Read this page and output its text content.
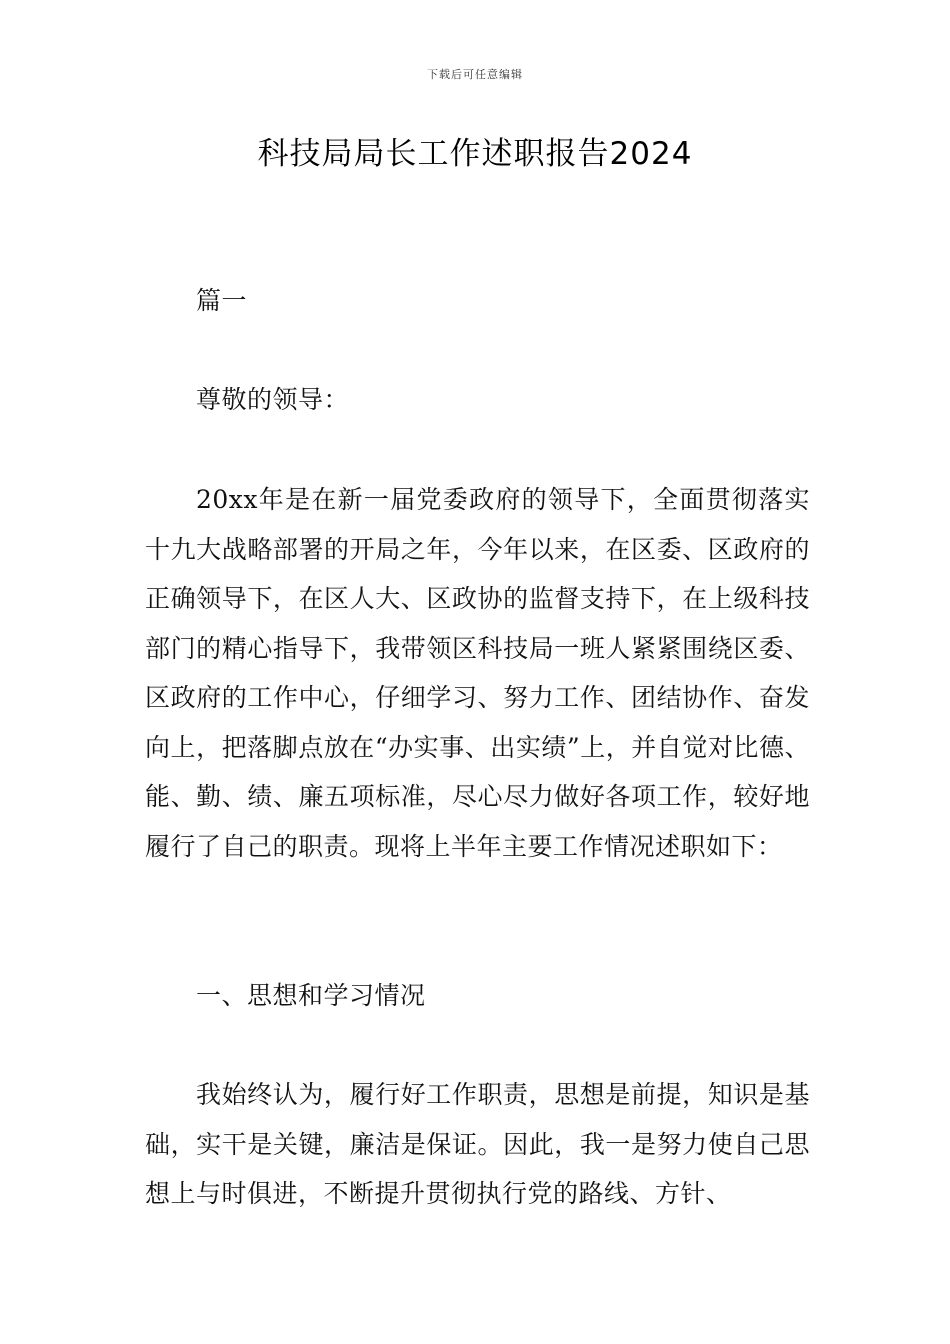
下载后可任意编辑
科技局局长工作述职报告2024

篇一

尊敬的领导：

20xx年是在新一届党委政府的领导下，全面贯彻落实十九大战略部署的开局之年，今年以来，在区委、区政府的正确领导下，在区人大、区政协的监督支持下，在上级科技部门的精心指导下，我带领区科技局一班人紧紧围绕区委、区政府的工作中心，仔细学习、努力工作、团结协作、奋发向上，把落脚点放在“办实事、出实绩”上，并自觉对比德、能、勤、绩、廉五项标准，尽心尽力做好各项工作，较好地履行了自己的职责。现将上半年主要工作情况述职如下：

一、思想和学习情况

我始终认为，履行好工作职责，思想是前提，知识是基础，实干是关键，廉洁是保证。因此，我一是努力使自己思想上与时俱进，不断提升贯彻执行党的路线、方针、
